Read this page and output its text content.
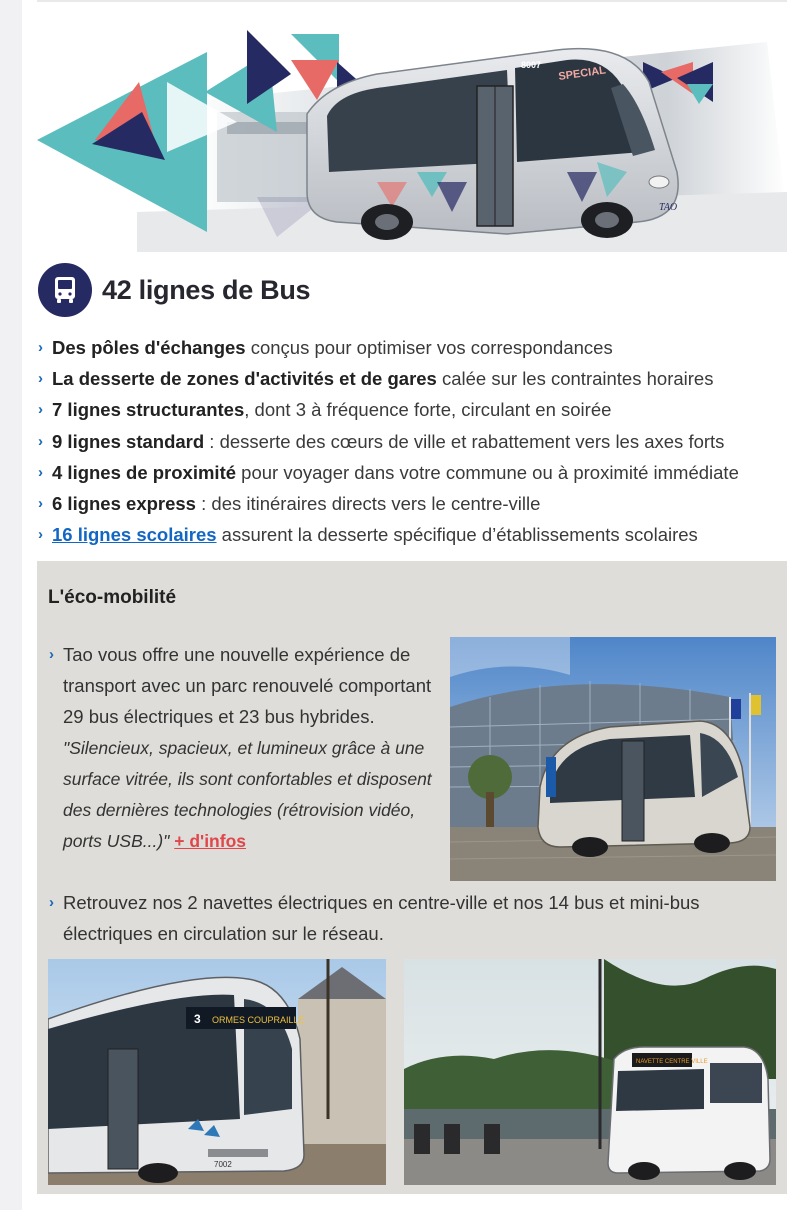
8007 SPECIAL
TAO
42 lignes de Bus
› Des pôles d'échanges conçus pour optimiser vos correspondances
› La desserte de zones d'activités et de gares calée sur les contraintes horaires
› 7 lignes structurantes, dont 3 à fréquence forte, circulant en soirée
› 9 lignes standard : desserte des cœurs de ville et rabattement vers les axes forts
› 4 lignes de proximité pour voyager dans votre commune ou à proximité immédiate
› 6 lignes express : des itinéraires directs vers le centre-ville
› 16 lignes scolaires assurent la desserte spécifique d’établissements scolaires
L'éco-mobilité

› Tao vous offre une nouvelle expérience de transport avec un parc renouvelé comportant 29 bus électriques et 23 bus hybrides.

"Silencieux, spacieux, et lumineux grâce à une surface vitrée, ils sont confortables et disposent des dernières technologies (rétrovision vidéo, ports USB...)" + d'infos

› Retrouvez nos 2 navettes électriques en centre-ville et nos 14 bus et mini-bus électriques en circulation sur le réseau.

3 ORMES COUPRAILLE
7002
NAVETTE CENTRE VILLE
